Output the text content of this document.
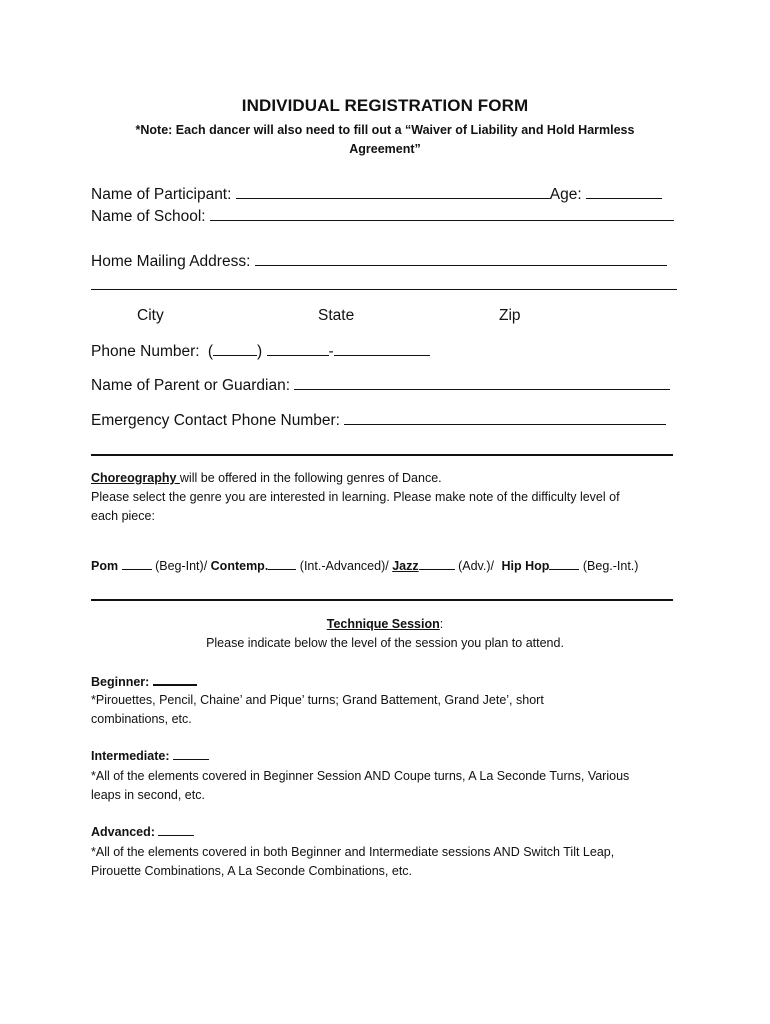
INDIVIDUAL REGISTRATION FORM
*Note: Each dancer will also need to fill out a “Waiver of Liability and Hold Harmless
Agreement”
Name of Participant:	Age:
Name of School:
Home Mailing Address:
City	State	Zip
Phone Number: (	)	-
Name of Parent or Guardian:
Emergency Contact Phone Number:
Choreography will be offered in the following genres of Dance.
Please select the genre you are interested in learning. Please make note of the difficulty level of
each piece:
Pom	(Beg-Int)/ Contemp.	(Int.-Advanced)/ Jazz	(Adv.)/ Hip Hop	(Beg.-Int.)
Technique Session:
Please indicate below the level of the session you plan to attend.
Beginner:
*Pirouettes, Pencil, Chaine’ and Pique’ turns; Grand Battement, Grand Jete’, short
combinations, etc.
Intermediate:
*All of the elements covered in Beginner Session AND Coupe turns, A La Seconde Turns, Various
leaps in second, etc.
Advanced:
*All of the elements covered in both Beginner and Intermediate sessions AND Switch Tilt Leap,
Pirouette Combinations, A La Seconde Combinations, etc.
